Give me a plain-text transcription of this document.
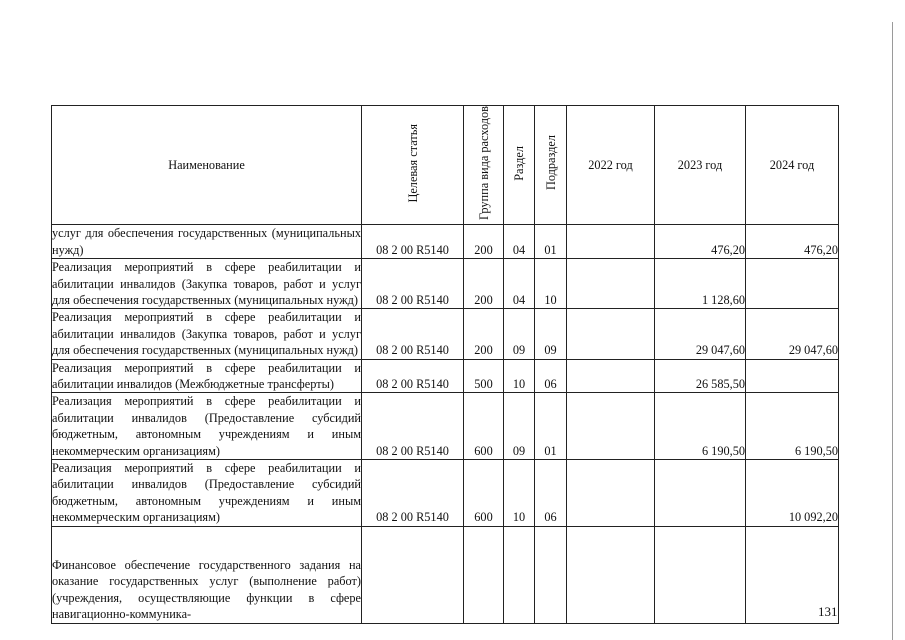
Наименование	Целевая статья	Группа вида расходов	Раздел	Подраздел	2022 год	2023 год	2024 год
услуг для обеспечения государственных (муниципальных нужд)	08 2 00 R5140	200	04	01		476,20	476,20
Реализация мероприятий в сфере реабилитации и абилитации инвалидов (Закупка товаров, работ и услуг для обеспечения государственных (муниципальных нужд)	08 2 00 R5140	200	04	10		1 128,60	
Реализация мероприятий в сфере реабилитации и абилитации инвалидов (Закупка товаров, работ и услуг для обеспечения государственных (муниципальных нужд)	08 2 00 R5140	200	09	09		29 047,60	29 047,60
Реализация мероприятий в сфере реабилитации и абилитации инвалидов (Межбюджетные трансферты)	08 2 00 R5140	500	10	06		26 585,50	
Реализация мероприятий в сфере реабилитации и абилитации инвалидов (Предоставление субсидий бюджетным, автономным учреждениям и иным некоммерческим организациям)	08 2 00 R5140	600	09	01		6 190,50	6 190,50
Реализация мероприятий в сфере реабилитации и абилитации инвалидов (Предоставление субсидий бюджетным, автономным учреждениям и иным некоммерческим организациям)	08 2 00 R5140	600	10	06			10 092,20
Финансовое обеспечение государственного задания на оказание государственных услуг (выполнение работ) (учреждения, осуществляющие функции в сфере навигационно-коммуника-								131
